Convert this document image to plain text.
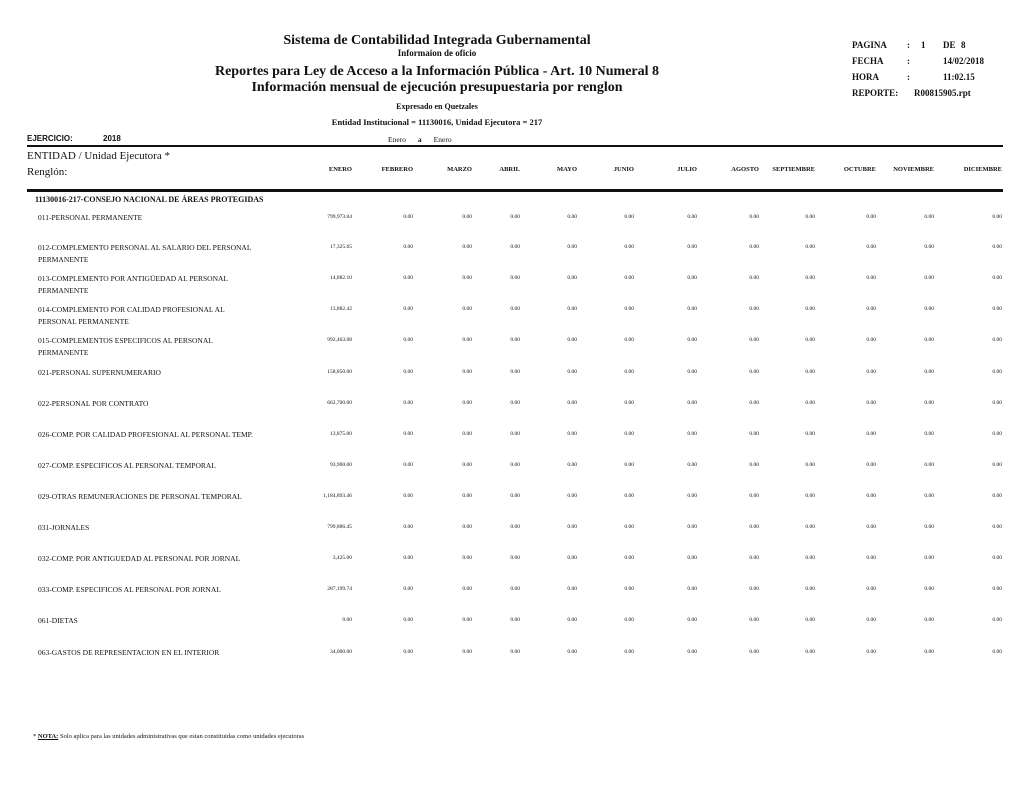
Sistema de Contabilidad Integrada Gubernamental
Informaion de oficio
Reportes para Ley de Acceso a la Información Pública - Art. 10 Numeral 8
Información mensual de ejecución presupuestaria por renglon
Expresado en Quetzales
Entidad Institucional = 11130016, Unidad Ejecutora = 217
PAGINA : 1 DE 8
FECHA	:	14/02/2018
HORA	:	11:02.15
REPORTE: R00815905.rpt
EJERCICIO:	2018	Enero a Enero
ENTIDAD / Unidad Ejecutora *
Renglón:	ENERO	FEBRERO	MARZO	ABRIL	MAYO	JUNIO	JULIO	AGOSTO	SEPTIEMBRE	OCTUBRE	NOVIEMBRE	DICIEMBRE
11130016-217-CONSEJO NACIONAL DE ÁREAS PROTEGIDAS
011-PERSONAL PERMANENTE	799,973.04	0.00	0.00	0.00	0.00	0.00	0.00	0.00	0.00	0.00	0.00	0.00
012-COMPLEMENTO PERSONAL AL SALARIO DEL PERSONAL PERMANENTE
17,325.65	0.00	0.00	0.00	0.00	0.00	0.00	0.00	0.00	0.00	0.00	0.00
013-COMPLEMENTO POR ANTIGÜEDAD AL PERSONAL PERMANENTE
14,882.10	0.00	0.00	0.00	0.00	0.00	0.00	0.00	0.00	0.00	0.00	0.00
014-COMPLEMENTO POR CALIDAD PROFESIONAL AL PERSONAL PERMANENTE
13,882.42	0.00	0.00	0.00	0.00	0.00	0.00	0.00	0.00	0.00	0.00	0.00
015-COMPLEMENTOS ESPECIFICOS AL PERSONAL PERMANENTE
992,463.08	0.00	0.00	0.00	0.00	0.00	0.00	0.00	0.00	0.00	0.00	0.00
021-PERSONAL SUPERNUMERARIO	158,850.00	0.00	0.00	0.00	0.00	0.00	0.00	0.00	0.00	0.00	0.00	0.00
022-PERSONAL POR CONTRATO	662,700.00	0.00	0.00	0.00	0.00	0.00	0.00	0.00	0.00	0.00	0.00	0.00
026-COMP. POR CALIDAD PROFESIONAL AL PERSONAL TEMP.	13,875.00	0.00	0.00	0.00	0.00	0.00	0.00	0.00	0.00	0.00	0.00	0.00
027-COMP. ESPECIFICOS AL PERSONAL TEMPORAL	93,900.00	0.00	0.00	0.00	0.00	0.00	0.00	0.00	0.00	0.00	0.00	0.00
029-OTRAS REMUNERACIONES DE PERSONAL TEMPORAL	1,184,893.46	0.00	0.00	0.00	0.00	0.00	0.00	0.00	0.00	0.00	0.00	0.00
031-JORNALES	799,886.45	0.00	0.00	0.00	0.00	0.00	0.00	0.00	0.00	0.00	0.00	0.00
032-COMP. POR ANTIGUEDAD AL PERSONAL POR JORNAL	3,425.00	0.00	0.00	0.00	0.00	0.00	0.00	0.00	0.00	0.00	0.00	0.00
033-COMP. ESPECIFICOS AL PERSONAL POR JORNAL	287,199.74	0.00	0.00	0.00	0.00	0.00	0.00	0.00	0.00	0.00	0.00	0.00
061-DIETAS	0.00	0.00	0.00	0.00	0.00	0.00	0.00	0.00	0.00	0.00	0.00	0.00
063-GASTOS DE REPRESENTACION EN EL INTERIOR	34,000.00	0.00	0.00	0.00	0.00	0.00	0.00	0.00	0.00	0.00	0.00	0.00
* NOTA: Solo aplica para las unidades administrativas que estan constituidas como unidades ejecutoras
